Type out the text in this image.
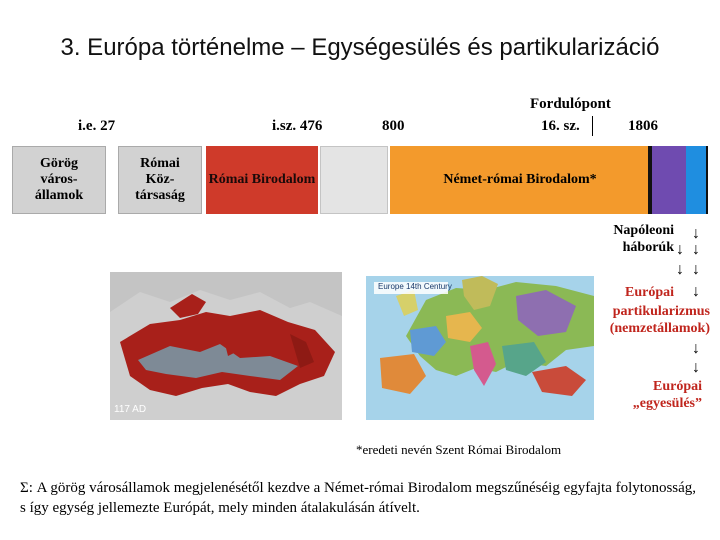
3. Európa történelme – Egységesülés és partikularizáció
i.e. 27	i.sz. 476	800
Fordulópont
16. sz.	1806
Görög város-államok
Római Köz-társaság
Római Birodalom	Német-római Birodalom*
Napóleoni háborúk
↓
↓
↓
↓ ↓
↓
Európai
partikularizmus
(nemzetállamok)
↓
↓
Európai
„egyesülés”
117 AD
Europe 14th Century
*eredeti nevén Szent Római Birodalom
Σ: A görög városállamok megjelenésétől kezdve a Német-római Birodalom megszűnéséig egyfajta folytonosság, s így egység jellemezte Európát, mely minden átalakulásán átívelt.
